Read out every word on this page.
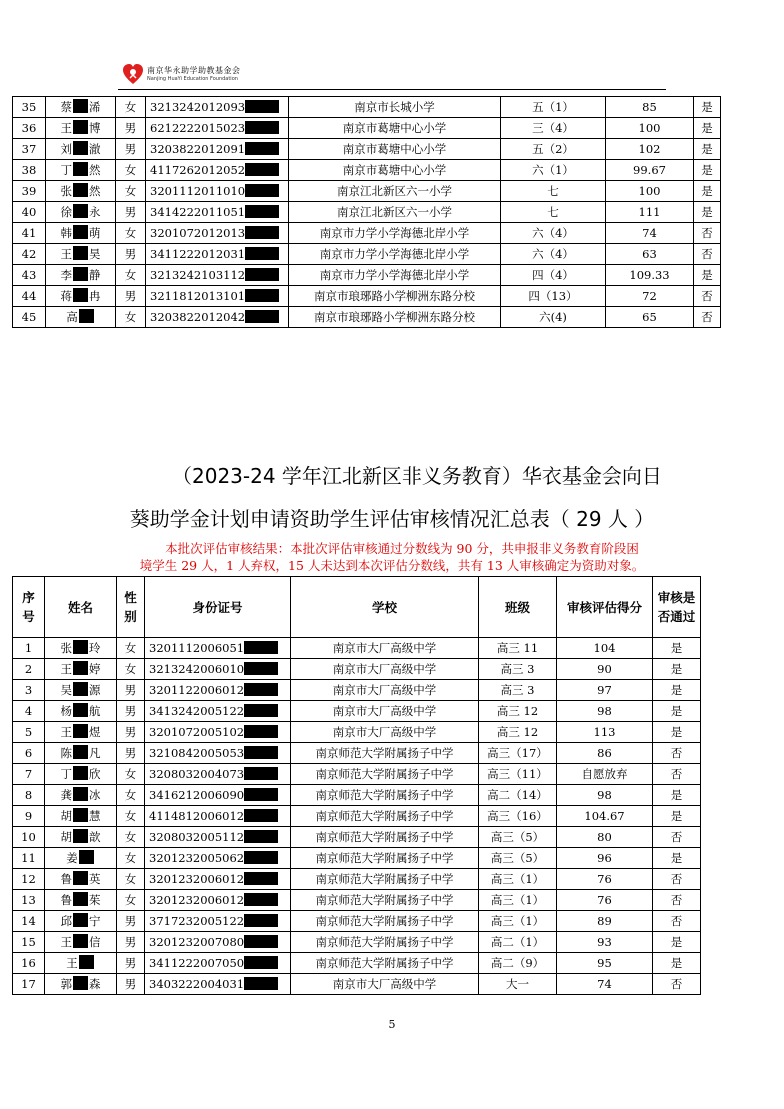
南京华永助学助教基金会
Nanjing HuaYi Education Foundation
35	蔡 浠	女	3213242012093	南京市长城小学	五（1）	85	是
36	王 博	男	6212222015023	南京市葛塘中心小学	三（4）	100	是
37	刘 澈	男	3203822012091	南京市葛塘中心小学	五（2）	102	是
38	丁 然	女	4117262012052	南京市葛塘中心小学	六（1）	99.67	是
39	张 然	女	3201112011010	南京江北新区六一小学	七	100	是
40	徐 永	男	3414222011051	南京江北新区六一小学	七	111	是
41	韩 萌	女	3201072012013	南京市力学小学海德北岸小学	六（4）	74	否
42	王 昊	男	3411222012031	南京市力学小学海德北岸小学	六（4）	63	否
43	李 静	女	3213242103112	南京市力学小学海德北岸小学	四（4）	109.33	是
44	蒋 冉	男	3211812013101	南京市琅琊路小学柳洲东路分校	四（13）	72	否
45	高	女	3203822012042	南京市琅琊路小学柳洲东路分校	六(4)	65	否
（2023-24 学年江北新区非义务教育）华衣基金会向日
葵助学金计划申请资助学生评估审核情况汇总表（ 29 人 ）
本批次评估审核结果：本批次评估审核通过分数线为 90 分，共申报非义务教育阶段困
境学生 29 人，1 人弃权，15 人未达到本次评估分数线，共有 13 人审核确定为资助对象。
序
号	姓名	性
别	身份证号	学校	班级	审核评估得分	审核是
否通过
1	张 玲	女	3201112006051	南京市大厂高级中学	高三 11	104	是
2	王 婷	女	3213242006010	南京市大厂高级中学	高三 3	90	是
3	吴 源	男	3201122006012	南京市大厂高级中学	高三 3	97	是
4	杨 航	男	3413242005122	南京市大厂高级中学	高三 12	98	是
5	王 煜	男	3201072005102	南京市大厂高级中学	高三 12	113	是
6	陈 凡	男	3210842005053	南京师范大学附属扬子中学	高三（17）	86	否
7	丁 欣	女	3208032004073	南京师范大学附属扬子中学	高三（11）	自愿放弃	否
8	龚 冰	女	3416212006090	南京师范大学附属扬子中学	高二（14）	98	是
9	胡 慧	女	4114812006012	南京师范大学附属扬子中学	高三（16）	104.67	是
10	胡 歆	女	3208032005112	南京师范大学附属扬子中学	高三（5）	80	否
11	姜	女	3201232005062	南京师范大学附属扬子中学	高三（5）	96	是
12	鲁 英	女	3201232006012	南京师范大学附属扬子中学	高三（1）	76	否
13	鲁 茱	女	3201232006012	南京师范大学附属扬子中学	高三（1）	76	否
14	邱 宁	男	3717232005122	南京师范大学附属扬子中学	高三（1）	89	否
15	王 信	男	3201232007080	南京师范大学附属扬子中学	高二（1）	93	是
16	王	男	3411222007050	南京师范大学附属扬子中学	高二（9）	95	是
17	郭 森	男	3403222004031	南京市大厂高级中学	大一	74	否
5
